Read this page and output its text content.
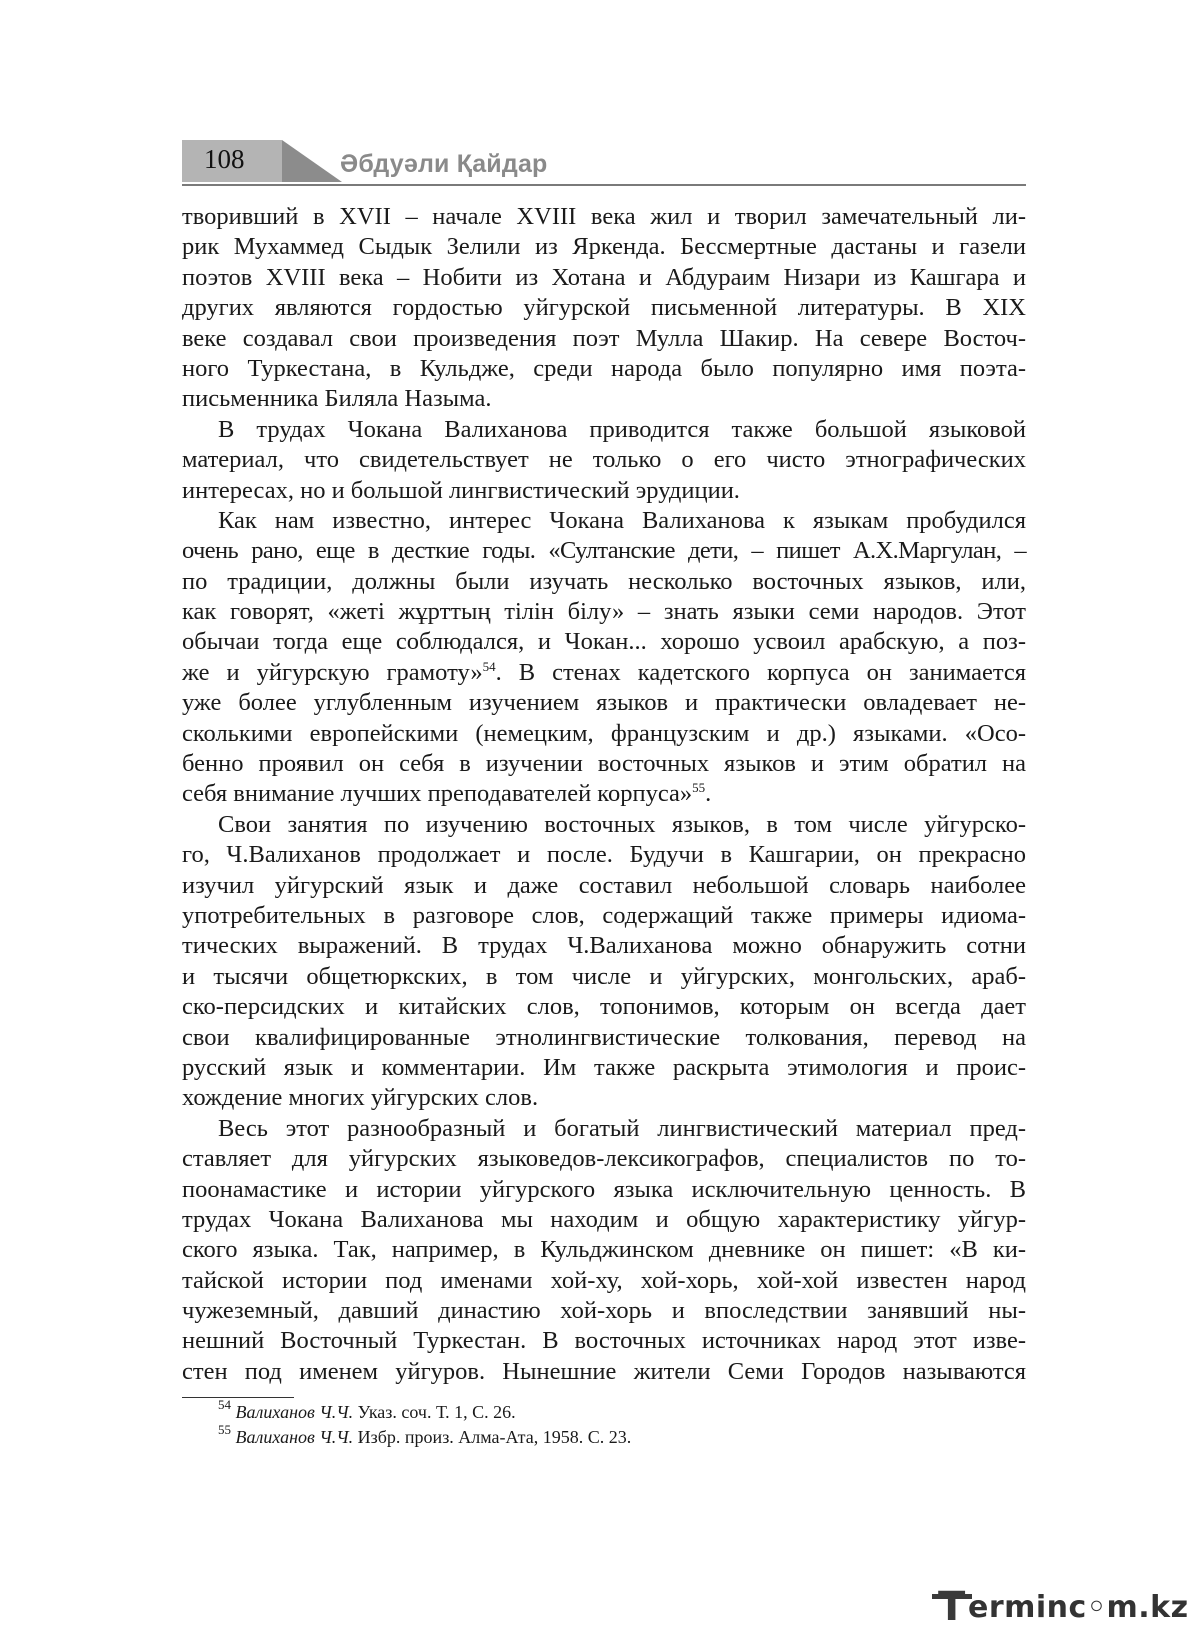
108	Әбдуәли Қайдар
творивший в XVII – начале XVIII века жил и творил замечательный ли-
рик Мухаммед Сыдык Зелили из Яркенда. Бессмертные дастаны и газели
поэтов XVIII века – Нобити из Хотана и Абдураим Низари из Кашгара и
других являются гордостью уйгурской письменной литературы. В XIX
веке создавал свои произведения поэт Мулла Шакир. На севере Восточ-
ного Туркестана, в Кульдже, среди народа было популярно имя поэта-
письменника Биляла Назыма.
В трудах Чокана Валиханова приводится также большой языковой
материал, что свидетельствует не только о его чисто этнографических
интересах, но и большой лингвистический эрудиции.
Как нам известно, интерес Чокана Валиханова к языкам пробудился
очень рано, еще в десткие годы. «Султанские дети, – пишет А.Х.Маргулан, –
по традиции, должны были изучать несколько восточных языков, или,
как говорят, «жеті жұрттың тілін білу» – знать языки семи народов. Этот
обычаи тогда еще соблюдался, и Чокан... хорошо усвоил арабскую, а поз-
же и уйгурскую грамоту»$^{54}$. В стенах кадетского корпуса он занимается
уже более углубленным изучением языков и практически овладевает не-
сколькими европейскими (немецким, французским и др.) языками. «Осо-
бенно проявил он себя в изучении восточных языков и этим обратил на
себя внимание лучших преподавателей корпуса»$^{55}$.
Свои занятия по изучению восточных языков, в том числе уйгурско-
го, Ч.Валиханов продолжает и после. Будучи в Кашгарии, он прекрасно
изучил уйгурский язык и даже составил небольшой словарь наиболее
употребительных в разговоре слов, содержащий также примеры идиома-
тических выражений. В трудах Ч.Валиханова можно обнаружить сотни
и тысячи общетюркских, в том числе и уйгурских, монгольских, араб-
ско-персидских и китайских слов, топонимов, которым он всегда дает
свои квалифицированные этнолингвистические толкования, перевод на
русский язык и комментарии. Им также раскрыта этимология и проис-
хождение многих уйгурских слов.
Весь этот разнообразный и богатый лингвистический материал пред-
ставляет для уйгурских языковедов-лексикографов, специалистов по то-
поонамастике и истории уйгурского языка исключительную ценность. В
трудах Чокана Валиханова мы находим и общую характеристику уйгур-
ского языка. Так, например, в Кульджинском дневнике он пишет: «В ки-
тайской истории под именами хой-ху, хой-хорь, хой-хой известен народ
чужеземный, давший династию хой-хорь и впоследствии занявший ны-
нешний Восточный Туркестан. В восточных источниках народ этот изве-
стен под именем уйгуров. Нынешние жители Семи Городов называются
$^{54}$ Валиханов Ч.Ч. Указ. соч. Т. 1, С. 26.
$^{55}$ Валиханов Ч.Ч. Избр. произ. Алма-Ата, 1958. С. 23.
T erminc◦m.kz
